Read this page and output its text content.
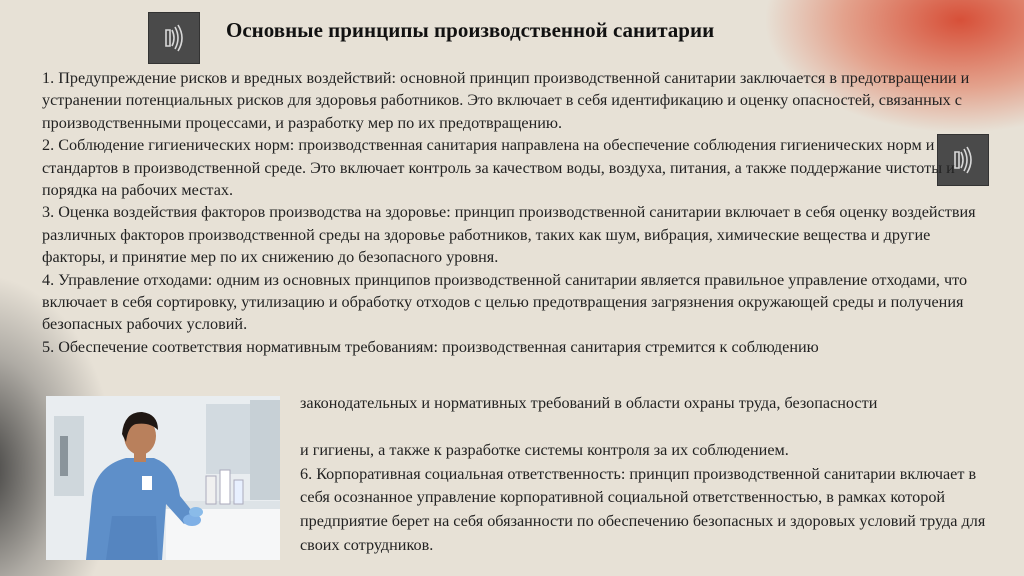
Основные принципы производственной санитарии

1. Предупреждение рисков и вредных воздействий: основной принцип производственной санитарии заключается в предотвращении и устранении потенциальных рисков для здоровья работников. Это включает в себя идентификацию и оценку опасностей, связанных с производственными процессами, и разработку мер по их предотвращению.

2. Соблюдение гигиенических норм: производственная санитария направлена на обеспечение соблюдения гигиенических норм и стандартов в производственной среде. Это включает контроль за качеством воды, воздуха, питания, а также поддержание чистоты и порядка на рабочих местах.

3. Оценка воздействия факторов производства на здоровье: принцип производственной санитарии включает в себя оценку воздействия различных факторов производственной среды на здоровье работников, таких как шум, вибрация, химические вещества и другие факторы, и принятие мер по их снижению до безопасного уровня.

4. Управление отходами: одним из основных принципов производственной санитарии является правильное управление отходами, что включает в себя сортировку, утилизацию и обработку отходов с целью предотвращения загрязнения окружающей среды и получения безопасных рабочих условий.

5. Обеспечение соответствия нормативным требованиям: производственная санитария стремится к соблюдению

законодательных и нормативных требований в области охраны труда, безопасности

и гигиены, а также к разработке системы контроля за их соблюдением.

6. Корпоративная социальная ответственность: принцип производственной санитарии включает в себя осознанное управление корпоративной социальной ответственностью, в рамках которой предприятие берет на себя обязанности по обеспечению безопасных и здоровых условий труда для своих сотрудников.
